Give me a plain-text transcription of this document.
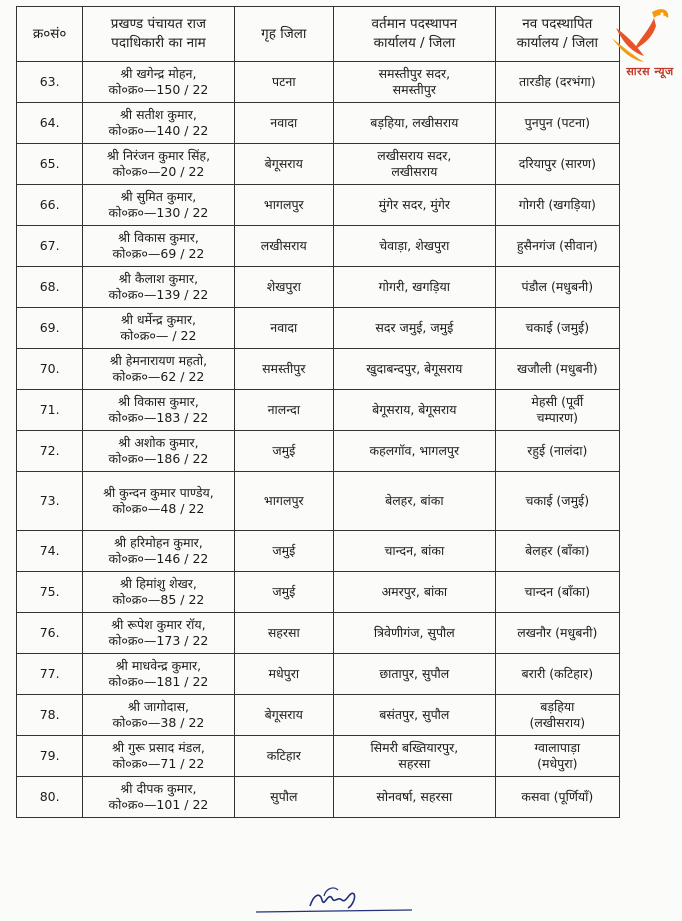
क्र०सं०	प्रखण्ड पंचायत राज
पदाधिकारी का नाम	गृह जिला	वर्तमान पदस्थापन
कार्यालय / जिला	नव पदस्थापित
कार्यालय / जिला

63.	श्री खगेन्द्र मोहन,
को०क्र०—150 / 22	पटना	समस्तीपुर सदर,
समस्तीपुर	तारडीह (दरभंगा)

64.	श्री सतीश कुमार,
को०क्र०—140 / 22	नवादा	बड़हिया, लखीसराय	पुनपुन (पटना)

65.	श्री निरंजन कुमार सिंह,
को०क्र०—20 / 22	बेगूसराय	लखीसराय सदर,
लखीसराय	दरियापुर (सारण)

66.	श्री सुमित कुमार,
को०क्र०—130 / 22	भागलपुर	मुंगेर सदर, मुंगेर	गोगरी (खगड़िया)

67.	श्री विकास कुमार,
को०क्र०—69 / 22	लखीसराय	चेवाड़ा, शेखपुरा	हुसैनगंज (सीवान)

68.	श्री कैलाश कुमार,
को०क्र०—139 / 22	शेखपुरा	गोगरी, खगड़िया	पंडौल (मधुबनी)

69.	श्री धर्मेन्द्र कुमार,
को०क्र०— / 22	नवादा	सदर जमुई, जमुई	चकाई (जमुई)

70.	श्री हेमनारायण महतो,
को०क्र०—62 / 22	समस्तीपुर	खुदाबन्दपुर, बेगूसराय	खजौली (मधुबनी)

71.	श्री विकास कुमार,
को०क्र०—183 / 22	नालन्दा	बेगूसराय, बेगूसराय	मेहसी (पूर्वी
चम्पारण)

72.	श्री अशोक कुमार,
को०क्र०—186 / 22	जमुई	कहलगॉव, भागलपुर	रहुई (नालंदा)

73.	श्री कुन्दन कुमार पाण्डेय,
को०क्र०—48 / 22	भागलपुर	बेलहर, बांका	चकाई (जमुई)

74.	श्री हरिमोहन कुमार,
को०क्र०—146 / 22	जमुई	चान्दन, बांका	बेलहर (बाँका)

75.	श्री हिमांशु शेखर,
को०क्र०—85 / 22	जमुई	अमरपुर, बांका	चान्दन (बाँका)

76.	श्री रूपेश कुमार रॉय,
को०क्र०—173 / 22	सहरसा	त्रिवेणीगंज, सुपौल	लखनौर (मधुबनी)

77.	श्री माधवेन्द्र कुमार,
को०क्र०—181 / 22	मधेपुरा	छातापुर, सुपौल	बरारी (कटिहार)

78.	श्री जागोदास,
को०क्र०—38 / 22	बेगूसराय	बसंतपुर, सुपौल	बड़हिया
(लखीसराय)

79.	श्री गुरू प्रसाद मंडल,
को०क्र०—71 / 22	कटिहार	सिमरी बख्तियारपुर,
सहरसा	ग्वालापाड़ा
(मधेपुरा)

80.	श्री दीपक कुमार,
को०क्र०—101 / 22	सुपौल	सोनवर्षा, सहरसा	कसवा (पूर्णियाँ)
सारस न्यूज
